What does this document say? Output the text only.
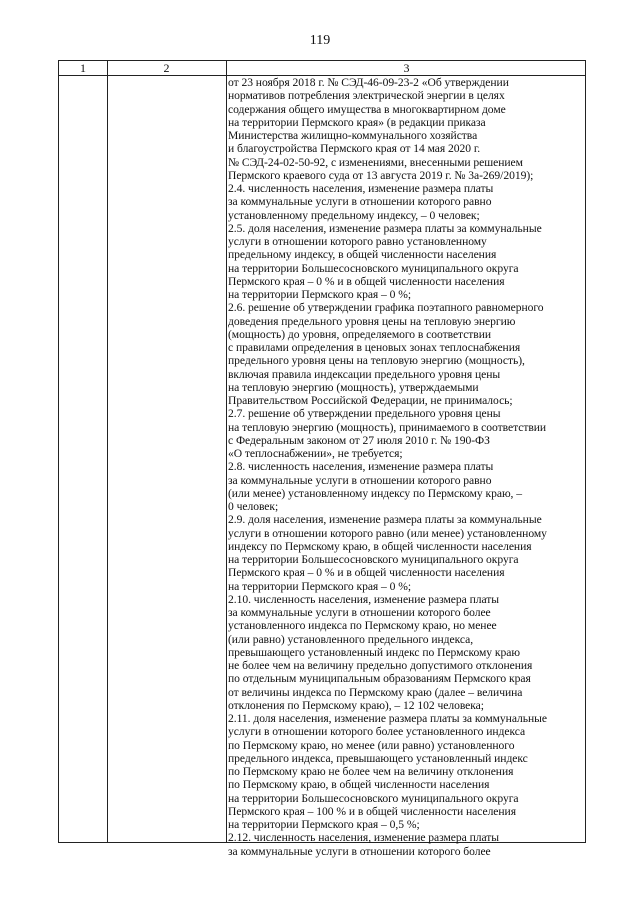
119
1	2	3
от 23 ноября 2018 г. № СЭД-46-09-23-2 «Об утверждении
нормативов потребления электрической энергии в целях
содержания общего имущества в многоквартирном доме
на территории Пермского края» (в редакции приказа
Министерства жилищно-коммунального хозяйства
и благоустройства Пермского края от 14 мая 2020 г.
№ СЭД-24-02-50-92, с изменениями, внесенными решением
Пермского краевого суда от 13 августа 2019 г. № 3а-269/2019);
2.4. численность населения, изменение размера платы
за коммунальные услуги в отношении которого равно
установленному предельному индексу, – 0 человек;
2.5. доля населения, изменение размера платы за коммунальные
услуги в отношении которого равно установленному
предельному индексу, в общей численности населения
на территории Большесосновского муниципального округа
Пермского края – 0 % и в общей численности населения
на территории Пермского края – 0 %;
2.6. решение об утверждении графика поэтапного равномерного
доведения предельного уровня цены на тепловую энергию
(мощность) до уровня, определяемого в соответствии
с правилами определения в ценовых зонах теплоснабжения
предельного уровня цены на тепловую энергию (мощность),
включая правила индексации предельного уровня цены
на тепловую энергию (мощность), утверждаемыми
Правительством Российской Федерации, не принималось;
2.7. решение об утверждении предельного уровня цены
на тепловую энергию (мощность), принимаемого в соответствии
с Федеральным законом от 27 июля 2010 г. № 190-ФЗ
«О теплоснабжении», не требуется;
2.8. численность населения, изменение размера платы
за коммунальные услуги в отношении которого равно
(или менее) установленному индексу по Пермскому краю, –
0 человек;
2.9. доля населения, изменение размера платы за коммунальные
услуги в отношении которого равно (или менее) установленному
индексу по Пермскому краю, в общей численности населения
на территории Большесосновского муниципального округа
Пермского края – 0 % и в общей численности населения
на территории Пермского края – 0 %;
2.10. численность населения, изменение размера платы
за коммунальные услуги в отношении которого более
установленного индекса по Пермскому краю, но менее
(или равно) установленного предельного индекса,
превышающего установленный индекс по Пермскому краю
не более чем на величину предельно допустимого отклонения
по отдельным муниципальным образованиям Пермского края
от величины индекса по Пермскому краю (далее – величина
отклонения по Пермскому краю), – 12 102 человека;
2.11. доля населения, изменение размера платы за коммунальные
услуги в отношении которого более установленного индекса
по Пермскому краю, но менее (или равно) установленного
предельного индекса, превышающего установленный индекс
по Пермскому краю не более чем на величину отклонения
по Пермскому краю, в общей численности населения
на территории Большесосновского муниципального округа
Пермского края – 100 % и в общей численности населения
на территории Пермского края – 0,5 %;
2.12. численность населения, изменение размера платы
за коммунальные услуги в отношении которого более
